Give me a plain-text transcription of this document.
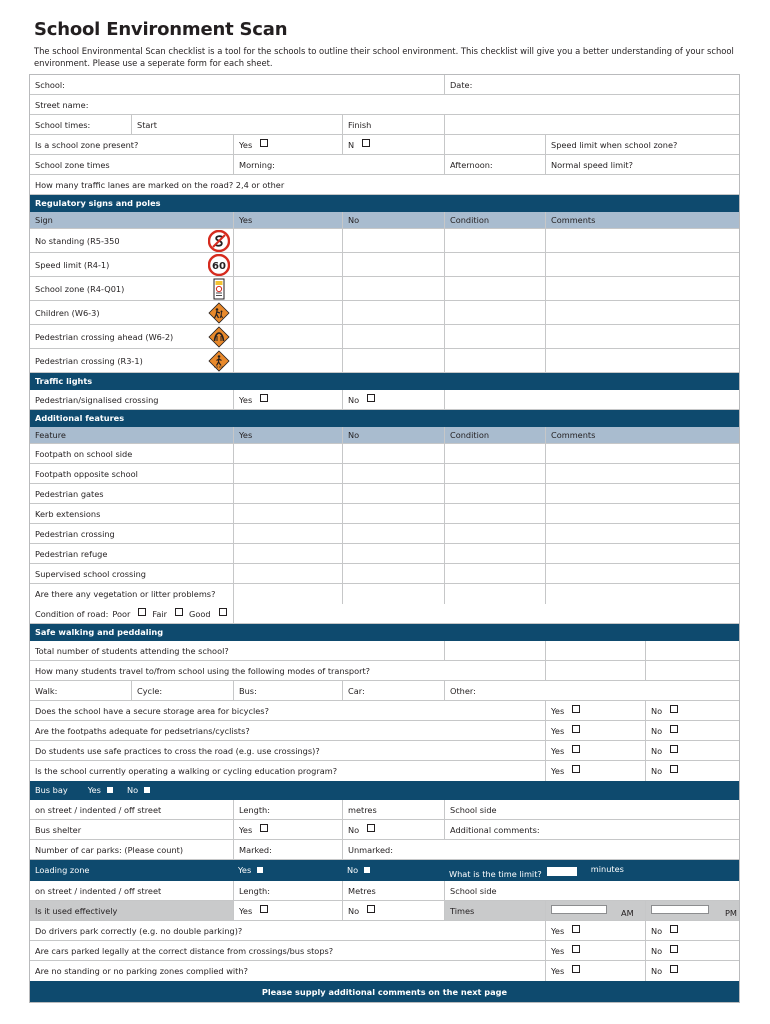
School Environment Scan
The school Environmental Scan checklist is a tool for the schools to outline their school environment. This checklist will give you a better understanding of your school environment. Please use a seperate form for each sheet.
School:	Date:
Street name:
School times:	Start	Finish
Is a school zone present?	Yes	N	Speed limit when school zone?
School zone times	Morning:	Afternoon:	Normal speed limit?
How many traffic lanes are marked on the road? 2,4 or other
Regulatory signs and poles
Sign	Yes	No	Condition	Comments
No standing (R5-350
Speed limit (R4-1)	60
School zone (R4-Q01)
Children (W6-3)
Pedestrian crossing ahead (W6-2)
Pedestrian crossing (R3-1)
Traffic lights
Pedestrian/signalised crossing	Yes	No
Additional features
Feature	Yes	No	Condition	Comments
Footpath on school side
Footpath opposite school
Pedestrian gates
Kerb extensions
Pedestrian crossing
Pedestrian refuge
Supervised school crossing
Are there any vegetation or litter problems?
Condition of road: Poor	Fair	Good
Safe walking and peddaling
Total number of students attending the school?
How many students travel to/from school using the following modes of transport?
Walk:	Cycle:	Bus:	Car:	Other:
Does the school have a secure storage area for bicycles?	Yes	No
Are the footpaths adequate for pedsetrians/cyclists?	Yes	No
Do students use safe practices to cross the road (e.g. use crossings)?	Yes	No
Is the school currently operating a walking or cycling education program?	Yes	No
Bus bay Yes	No
on street / indented / off street	Length:	metres	School side
Bus shelter	Yes	No	Additional comments:
Number of car parks: (Please count)	Marked:	Unmarked:
Loading zone	Yes	No	What is the time limit?	minutes
on street / indented / off street	Length:	Metres	School side
Is it used effectively	Yes	No	Times	AM	PM
Do drivers park correctly (e.g. no double parking)?	Yes	No
Are cars parked legally at the correct distance from crossings/bus stops?	Yes	No
Are no standing or no parking zones complied with?	Yes	No
Please supply additional comments on the next page
